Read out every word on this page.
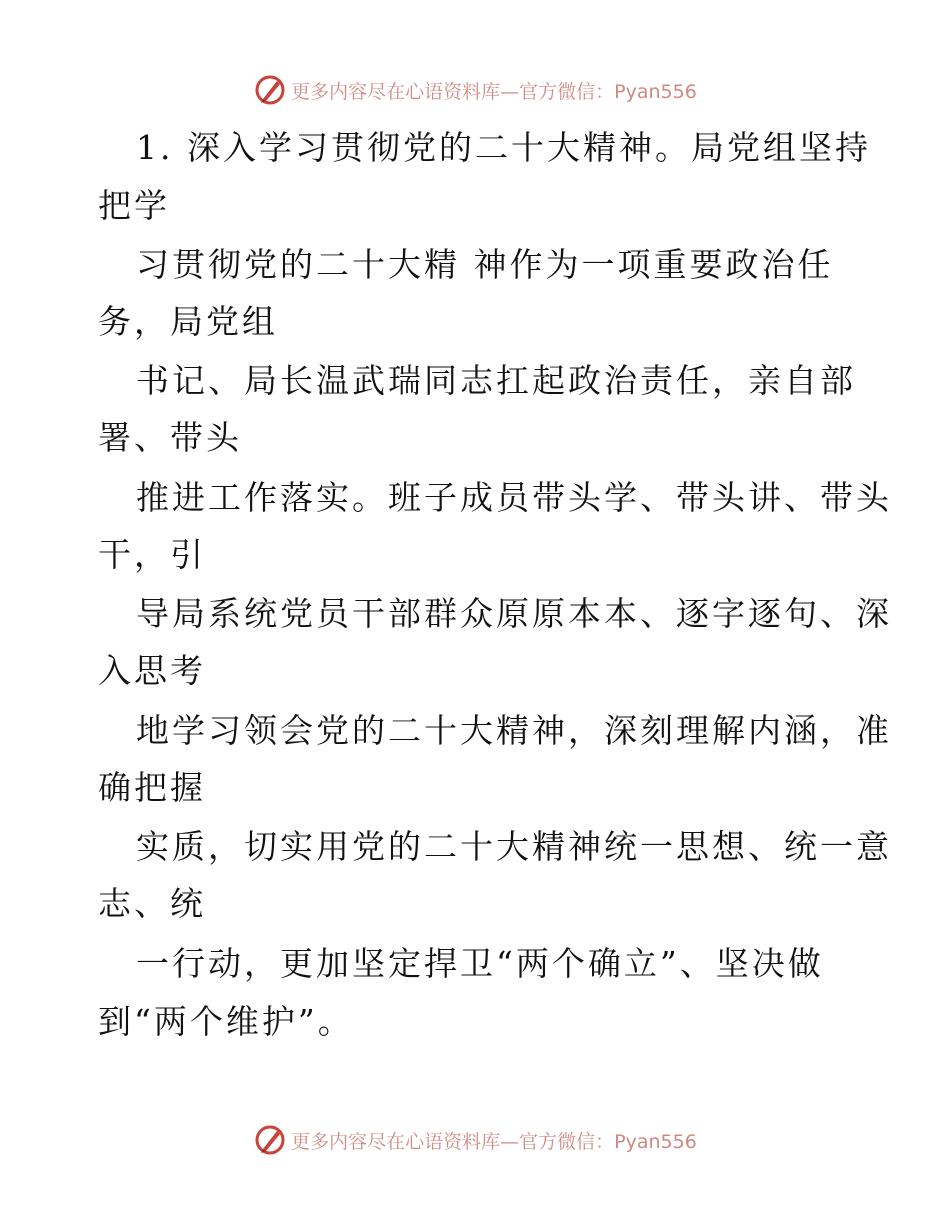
更多内容尽在心语资料库—官方微信：Pyan556
1. 深入学习贯彻党的二十大精神。局党组坚持
把学
习贯彻党的二十大精 神作为一项重要政治任
务，局党组
书记、局长温武瑞同志扛起政治责任，亲自部
署、带头
推进工作落实。班子成员带头学、带头讲、带头
干，引
导局系统党员干部群众原原本本、逐字逐句、深
入思考
地学习领会党的二十大精神，深刻理解内涵，准
确把握
实质，切实用党的二十大精神统一思想、统一意
志、统
一行动，更加坚定捍卫“两个确立”、坚决做
到“两个维护”。
更多内容尽在心语资料库—官方微信：Pyan556
